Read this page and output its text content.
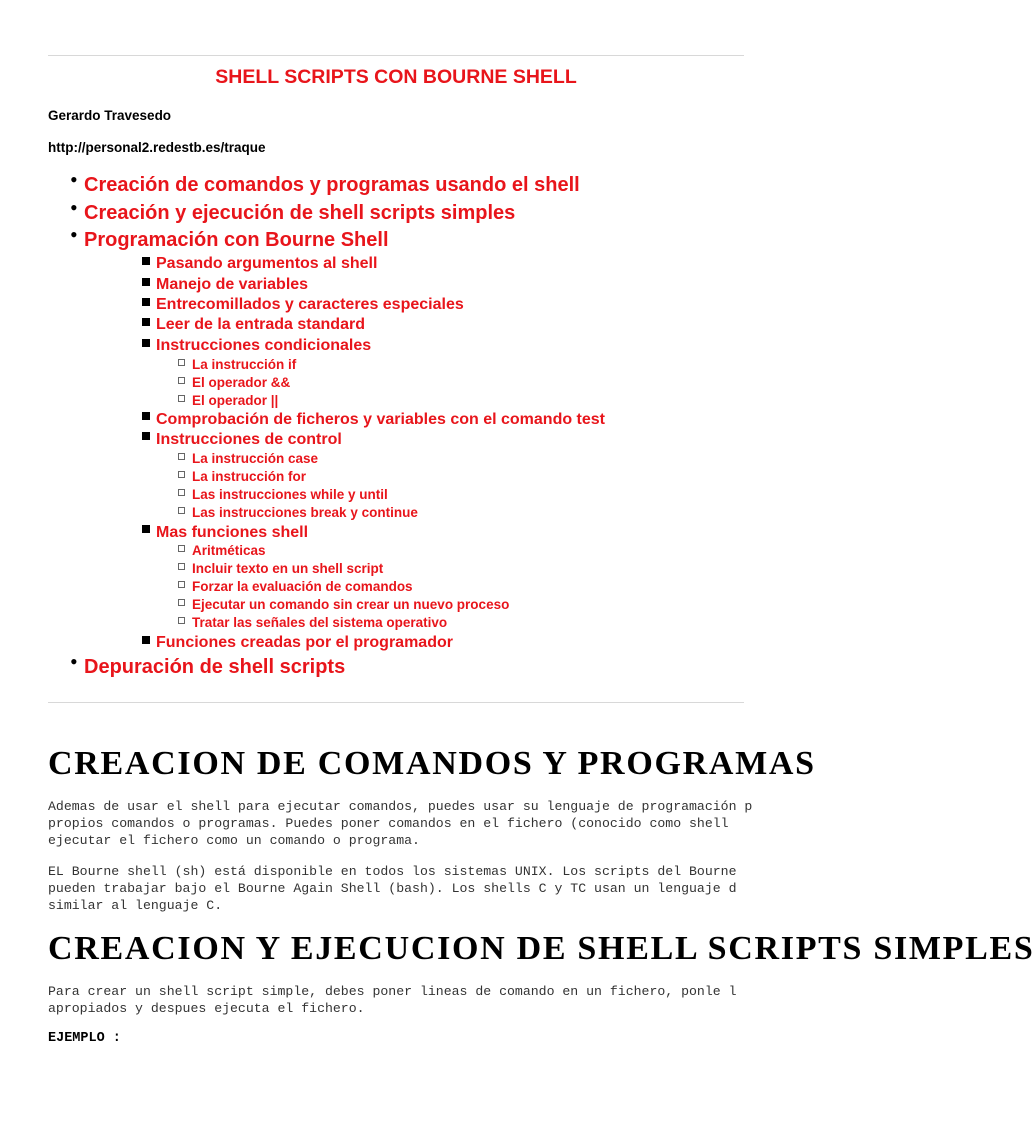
SHELL SCRIPTS CON BOURNE SHELL
Gerardo Travesedo
http://personal2.redestb.es/traque
• Creación de comandos y programas usando el shell
• Creación y ejecución de shell scripts simples
• Programación con Bourne Shell
Pasando argumentos al shell
Manejo de variables
Entrecomillados y caracteres especiales
Leer de la entrada standard
Instrucciones condicionales
La instrucción if
El operador &&
El operador ||
Comprobación de ficheros y variables con el comando test
Instrucciones de control
La instrucción case
La instrucción for
Las instrucciones while y until
Las instrucciones break y continue
Mas funciones shell
Aritméticas
Incluir texto en un shell script
Forzar la evaluación de comandos
Ejecutar un comando sin crear un nuevo proceso
Tratar las señales del sistema operativo
Funciones creadas por el programador
• Depuración de shell scripts
CREACION DE COMANDOS Y PROGRAMAS
Ademas de usar el shell para ejecutar comandos, puedes usar su lenguaje de programación p
propios comandos o programas. Puedes poner comandos en el fichero (conocido como shell
ejecutar el fichero como un comando o programa.
EL Bourne shell (sh) está disponible en todos los sistemas UNIX. Los scripts del Bourne
pueden trabajar bajo el Bourne Again Shell (bash). Los shells C y TC usan un lenguaje d
similar al lenguaje C.
CREACION Y EJECUCION DE SHELL SCRIPTS SIMPLES
Para crear un shell script simple, debes poner lineas de comando en un fichero, ponle l
apropiados y despues ejecuta el fichero.
EJEMPLO :
